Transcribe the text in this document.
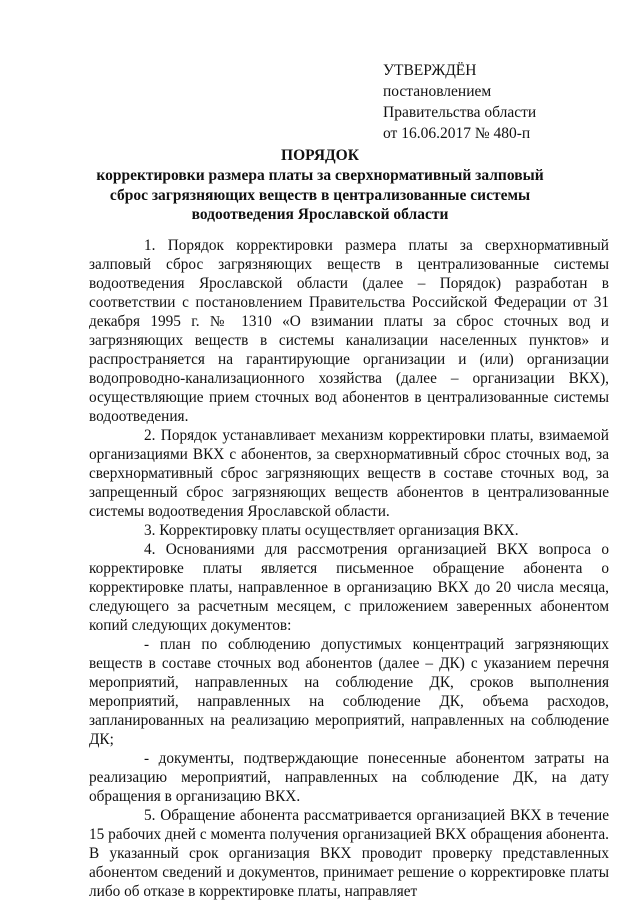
УТВЕРЖДЁН
постановлением
Правительства области
от 16.06.2017 № 480-п
ПОРЯДОК
корректировки размера платы за сверхнормативный залповый сброс загрязняющих веществ в централизованные системы водоотведения Ярославской области

1. Порядок корректировки размера платы за сверхнормативный залповый сброс загрязняющих веществ в централизованные системы водоотведения Ярославской области (далее – Порядок) разработан в соответствии с постановлением Правительства Российской Федерации от 31 декабря 1995 г. № 1310 «О взимании платы за сброс сточных вод и загрязняющих веществ в системы канализации населенных пунктов» и распространяется на гарантирующие организации и (или) организации водопроводно-канализационного хозяйства (далее – организации ВКХ), осуществляющие прием сточных вод абонентов в централизованные системы водоотведения.

2. Порядок устанавливает механизм корректировки платы, взимаемой организациями ВКХ с абонентов, за сверхнормативный сброс сточных вод, за сверхнормативный сброс загрязняющих веществ в составе сточных вод, за запрещенный сброс загрязняющих веществ абонентов в централизованные системы водоотведения Ярославской области.

3. Корректировку платы осуществляет организация ВКХ.

4. Основаниями для рассмотрения организацией ВКХ вопроса о корректировке платы является письменное обращение абонента о корректировке платы, направленное в организацию ВКХ до 20 числа месяца, следующего за расчетным месяцем, с приложением заверенных абонентом копий следующих документов:

- план по соблюдению допустимых концентраций загрязняющих веществ в составе сточных вод абонентов (далее – ДК) с указанием перечня мероприятий, направленных на соблюдение ДК, сроков выполнения мероприятий, направленных на соблюдение ДК, объема расходов, запланированных на реализацию мероприятий, направленных на соблюдение ДК;

- документы, подтверждающие понесенные абонентом затраты на реализацию мероприятий, направленных на соблюдение ДК, на дату обращения в организацию ВКХ.

5. Обращение абонента рассматривается организацией ВКХ в течение 15 рабочих дней с момента получения организацией ВКХ обращения абонента. В указанный срок организация ВКХ проводит проверку представленных абонентом сведений и документов, принимает решение о корректировке платы либо об отказе в корректировке платы, направляет
